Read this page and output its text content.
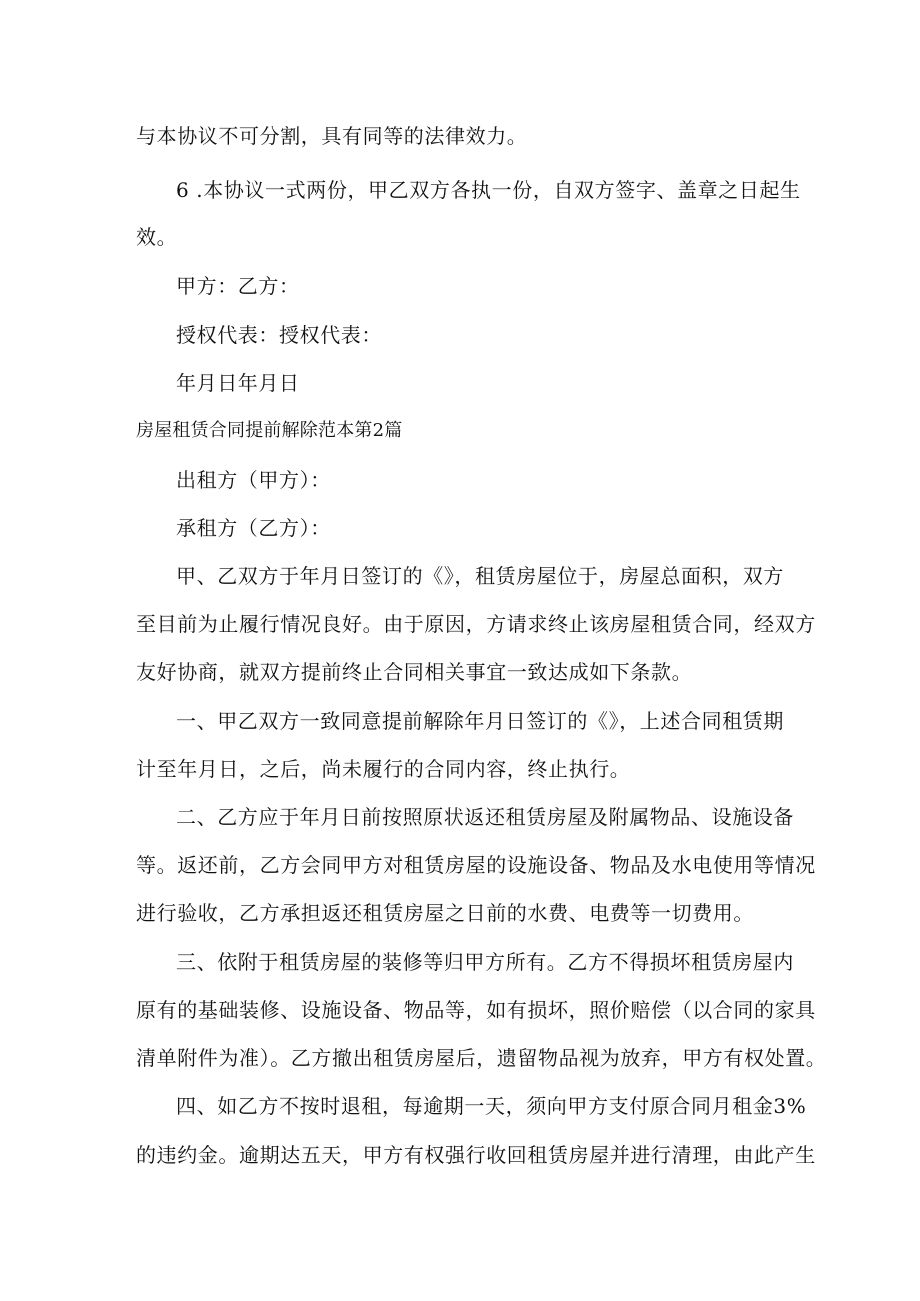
与本协议不可分割，具有同等的法律效力。

6 .本协议一式两份，甲乙双方各执一份，自双方签字、盖章之日起生

效。

甲方：乙方：

授权代表：授权代表：

年月日年月日

房屋租赁合同提前解除范本第2篇

出租方（甲方）：

承租方（乙方）：

甲、乙双方于年月日签订的《》，租赁房屋位于，房屋总面积，双方

至目前为止履行情况良好。由于原因，方请求终止该房屋租赁合同，经双方

友好协商，就双方提前终止合同相关事宜一致达成如下条款。

一、甲乙双方一致同意提前解除年月日签订的《》，上述合同租赁期

计至年月日，之后，尚未履行的合同内容，终止执行。

二、乙方应于年月日前按照原状返还租赁房屋及附属物品、设施设备

等。返还前，乙方会同甲方对租赁房屋的设施设备、物品及水电使用等情况

进行验收，乙方承担返还租赁房屋之日前的水费、电费等一切费用。

三、依附于租赁房屋的装修等归甲方所有。乙方不得损坏租赁房屋内

原有的基础装修、设施设备、物品等，如有损坏，照价赔偿（以合同的家具

清单附件为准）。乙方撤出租赁房屋后，遗留物品视为放弃，甲方有权处置。

四、如乙方不按时退租，每逾期一天，须向甲方支付原合同月租金3%

的违约金。逾期达五天，甲方有权强行收回租赁房屋并进行清理，由此产生
